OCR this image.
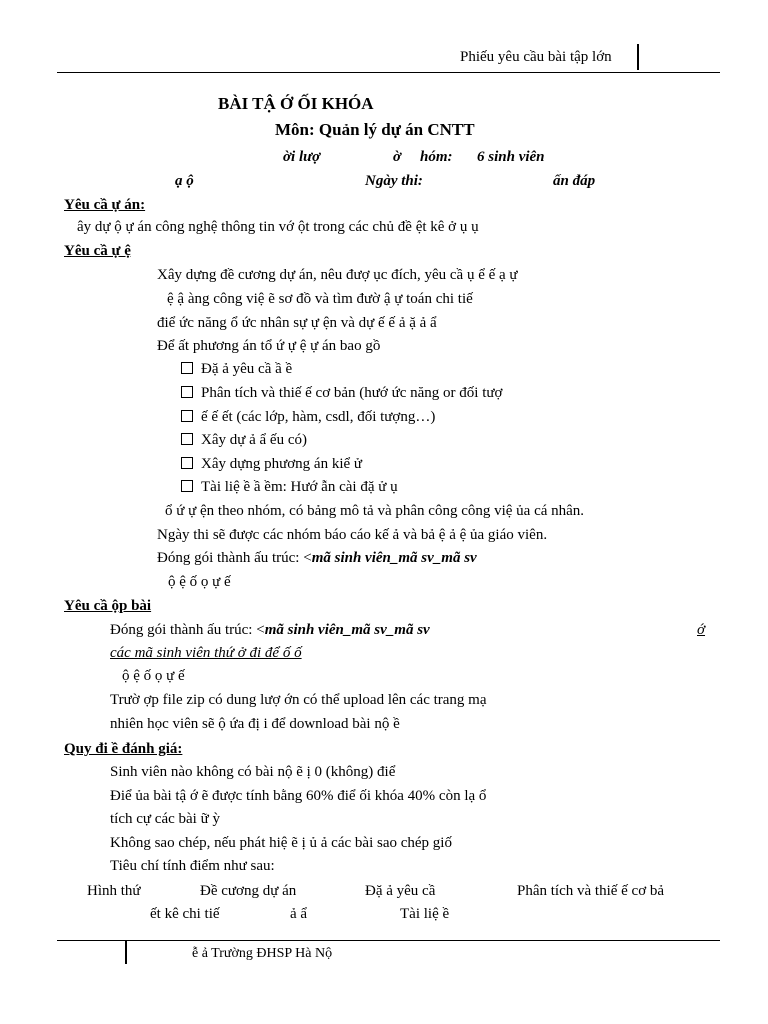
Phiếu yêu cầu bài tập lớn
BÀI TẬ Ớ ỐI KHÓA
Môn: Quản lý dự án CNTT
ời lượ	ờ hóm: 6 sinh viên
ạ ộ	Ngày thi:	ấn đáp
Yêu cầ ự án:
ây dự ộ ự án công nghệ thông tin vớ ột trong các chủ đề ệt kê ở ụ ụ
Yêu cầ ự ệ
Xây dựng đề cương dự án, nêu đượ ục đích, yêu cầ ụ ể ế ạ ự
ệ ậ àng công việ ẽ sơ đồ và tìm đườ ậ ự toán chi tiế
điể ức năng ổ ức nhân sự ự ện và dự ế ế ả ặ ả ẩ
Để ất phương án tổ ứ ự ệ ự án bao gồ
Đặ ả yêu cầ ầ ề
Phân tích và thiế ế cơ bản (hướ ức năng or đối tượ
ế ế ết (các lớp, hàm, csdl, đối tượng…)
Xây dự ả ẩ ếu có)
Xây dựng phương án kiể ử
Tài liệ ề ầ ềm: Hướ ẫn cài đặ ử ụ
ổ ứ ự ện theo nhóm, có bảng mô tả và phân công công việ ủa cá nhân.
Ngày thi sẽ được các nhóm báo cáo kế ả và bả ệ ả ệ ủa giáo viên.
Đóng gói thành ấu trúc: <mã sinh viên_mã sv_mã sv
ộ ệ ố ọ ự ế
Yêu cầ ộp bài
Đóng gói thành ấu trúc: <mã sinh viên_mã sv_mã sv	ớ
các mã sinh viên thứ ở đi để ố ố
ộ ệ ố ọ ự ế
Trườ ợp file zip có dung lượ ớn có thể upload lên các trang mạ
nhiên học viên sẽ ộ ứa đị i để download bài nộ ề
Quy đi ề đánh giá:
Sinh viên nào không có bài nộ ẽ ị 0 (không) điể
Điể ủa bài tậ ớ ẽ được tính bằng 60% điể ối khóa 40% còn lạ ổ
tích cự các bài ữ ỳ
Không sao chép, nếu phát hiệ ẽ ị ủ ả các bài sao chép giố
Tiêu chí tính điểm như sau:
Hình thứ	Đề cương dự án	Đặ ả yêu cầ	Phân tích và thiế ế cơ bả
ết kê chi tiế	ả ẩ	Tài liệ ề
ễ ả Trường ĐHSP Hà Nộ
